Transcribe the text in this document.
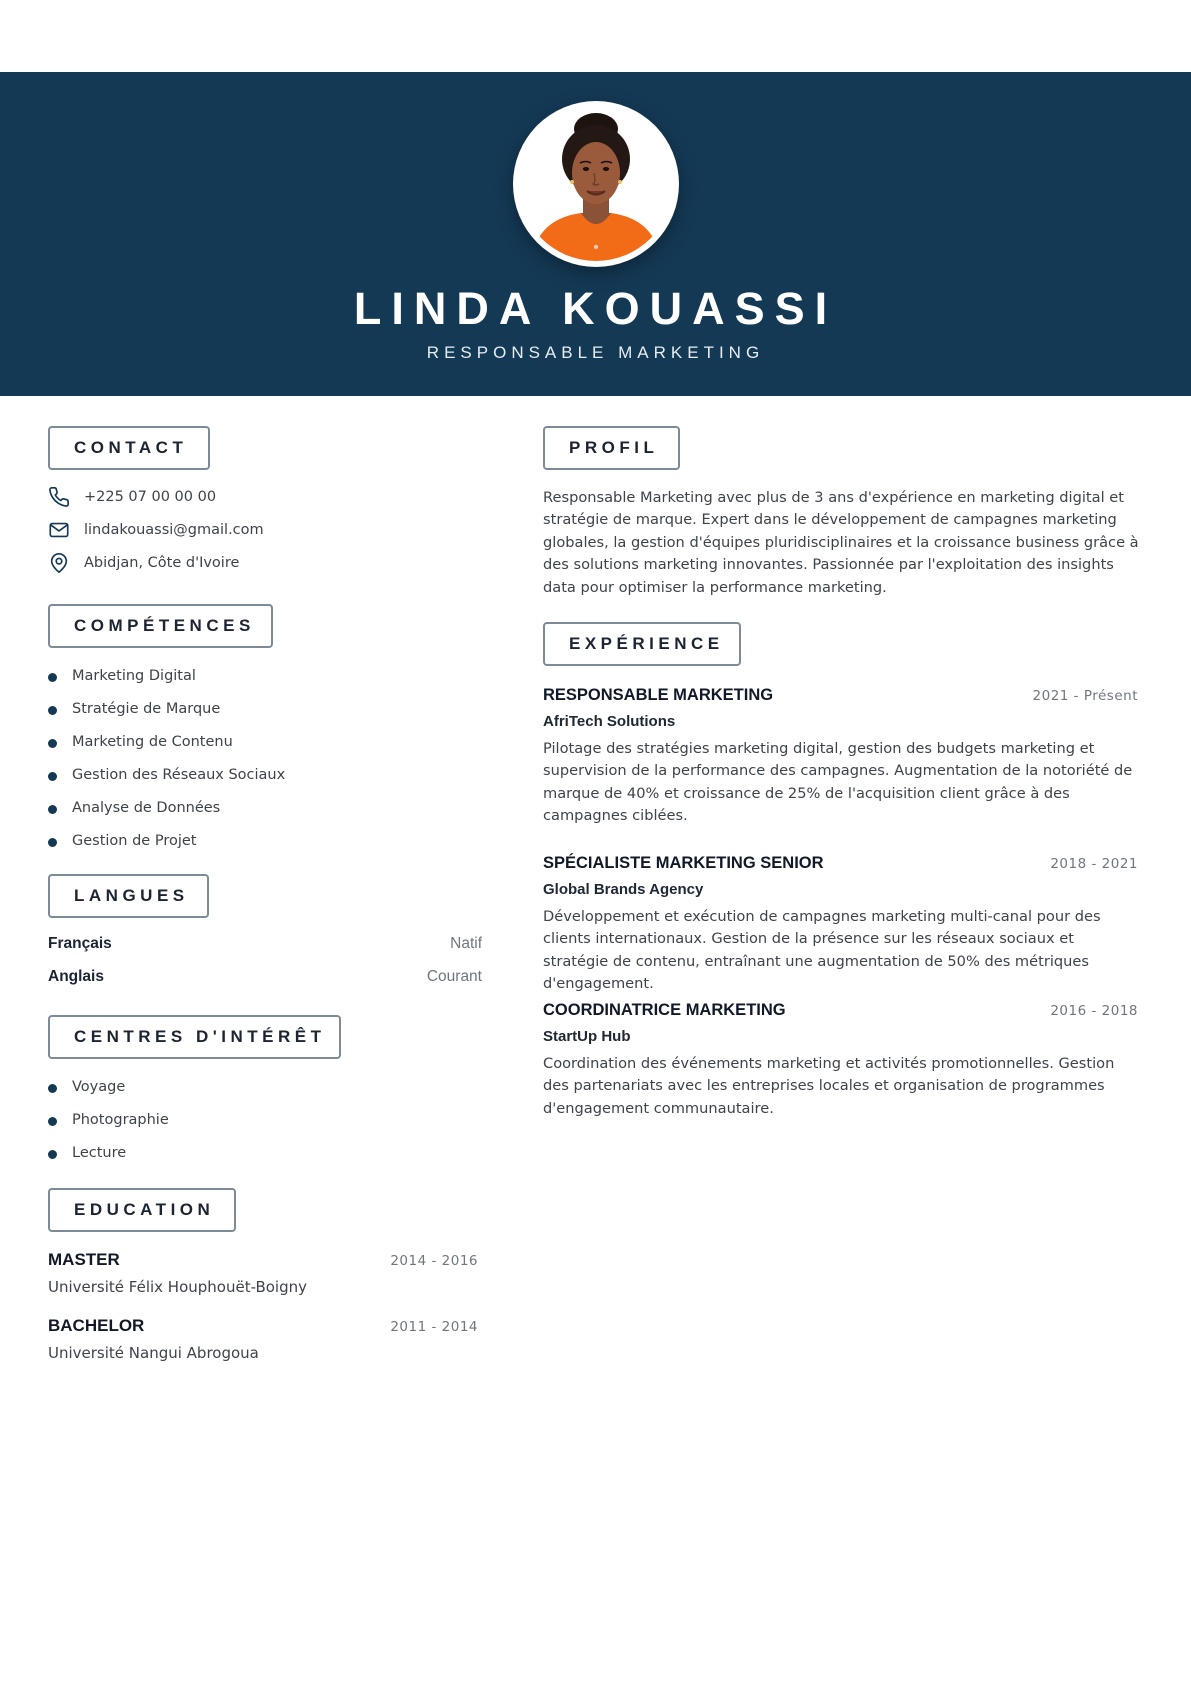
LINDA KOUASSI
RESPONSABLE MARKETING
CONTACT
+225 07 00 00 00
lindakouassi@gmail.com
Abidjan, Côte d'Ivoire
COMPÉTENCES
Marketing Digital
Stratégie de Marque
Marketing de Contenu
Gestion des Réseaux Sociaux
Analyse de Données
Gestion de Projet
LANGUES
Français	Natif
Anglais	Courant
CENTRES D'INTÉRÊT
Voyage
Photographie
Lecture
EDUCATION
MASTER	2014 - 2016
Université Félix Houphouët-Boigny
BACHELOR	2011 - 2014
Université Nangui Abrogoua
PROFIL
Responsable Marketing avec plus de 3 ans d'expérience en marketing digital et stratégie de marque. Expert dans le développement de campagnes marketing globales, la gestion d'équipes pluridisciplinaires et la croissance business grâce à des solutions marketing innovantes. Passionnée par l'exploitation des insights data pour optimiser la performance marketing.
EXPÉRIENCE
RESPONSABLE MARKETING	2021 - Présent
AfriTech Solutions
Pilotage des stratégies marketing digital, gestion des budgets marketing et supervision de la performance des campagnes. Augmentation de la notoriété de marque de 40% et croissance de 25% de l'acquisition client grâce à des campagnes ciblées.
SPÉCIALISTE MARKETING SENIOR	2018 - 2021
Global Brands Agency
Développement et exécution de campagnes marketing multi-canal pour des clients internationaux. Gestion de la présence sur les réseaux sociaux et stratégie de contenu, entraînant une augmentation de 50% des métriques d'engagement.
COORDINATRICE MARKETING	2016 - 2018
StartUp Hub
Coordination des événements marketing et activités promotionnelles. Gestion des partenariats avec les entreprises locales et organisation de programmes d'engagement communautaire.
